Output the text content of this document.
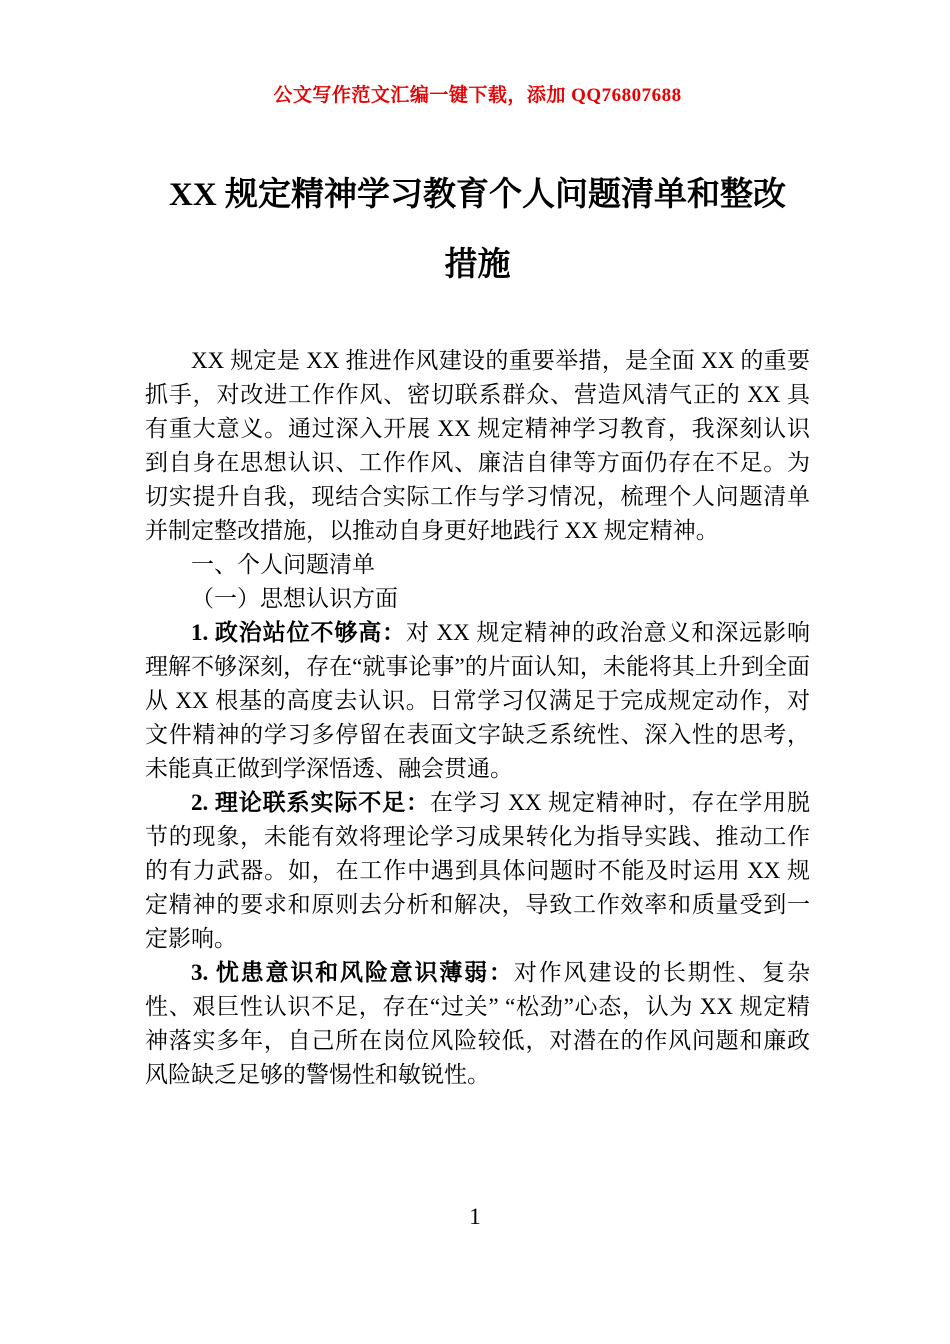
公文写作范文汇编一键下载，添加 QQ76807688
XX 规定精神学习教育个人问题清单和整改
措施

XX 规定是 XX 推进作风建设的重要举措，是全面 XX 的重要抓手，对改进工作作风、密切联系群众、营造风清气正的 XX 具有重大意义。通过深入开展 XX 规定精神学习教育，我深刻认识到自身在思想认识、工作作风、廉洁自律等方面仍存在不足。为切实提升自我，现结合实际工作与学习情况，梳理个人问题清单并制定整改措施，以推动自身更好地践行 XX 规定精神。

一、个人问题清单

（一）思想认识方面

1. 政治站位不够高：对 XX 规定精神的政治意义和深远影响理解不够深刻，存在“就事论事”的片面认知，未能将其上升到全面从 XX 根基的高度去认识。日常学习仅满足于完成规定动作，对文件精神的学习多停留在表面文字缺乏系统性、深入性的思考，未能真正做到学深悟透、融会贯通。

2. 理论联系实际不足：在学习 XX 规定精神时，存在学用脱节的现象，未能有效将理论学习成果转化为指导实践、推动工作的有力武器。如，在工作中遇到具体问题时不能及时运用 XX 规定精神的要求和原则去分析和解决，导致工作效率和质量受到一定影响。

3. 忧患意识和风险意识薄弱：对作风建设的长期性、复杂性、艰巨性认识不足，存在“过关” “松劲”心态，认为 XX 规定精神落实多年，自己所在岗位风险较低，对潜在的作风问题和廉政风险缺乏足够的警惕性和敏锐性。

1
